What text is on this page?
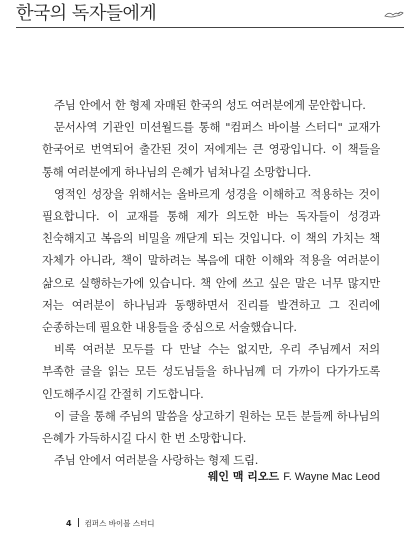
한국의 독자들에게

주님 안에서 한 형제 자매된 한국의 성도 여러분에게 문안합니다.

문서사역 기관인 미션월드를 통해 "컴퍼스 바이블 스터디" 교재가 한국어로 번역되어 출간된 것이 저에게는 큰 영광입니다. 이 책들을 통해 여러분에게 하나님의 은혜가 넘쳐나길 소망합니다.

영적인 성장을 위해서는 올바르게 성경을 이해하고 적용하는 것이 필요합니다. 이 교재를 통해 제가 의도한 바는 독자들이 성경과 친숙해지고 복음의 비밀을 깨닫게 되는 것입니다. 이 책의 가치는 책 자체가 아니라, 책이 말하려는 복음에 대한 이해와 적용을 여러분이 삶으로 실행하는가에 있습니다. 책 안에 쓰고 싶은 말은 너무 많지만 저는 여러분이 하나님과 동행하면서 진리를 발견하고 그 진리에 순종하는데 필요한 내용들을 중심으로 서술했습니다.

비록 여러분 모두를 다 만날 수는 없지만, 우리 주님께서 저의 부족한 글을 읽는 모든 성도님들을 하나님께 더 가까이 다가가도록 인도해주시길 간절히 기도합니다.

이 글을 통해 주님의 말씀을 상고하기 원하는 모든 분들께 하나님의 은혜가 가득하시길 다시 한 번 소망합니다.

주님 안에서 여러분을 사랑하는 형제 드림.

웨인 맥 리오드 F. Wayne Mac Leod
4 컴퍼스 바이블 스터디
